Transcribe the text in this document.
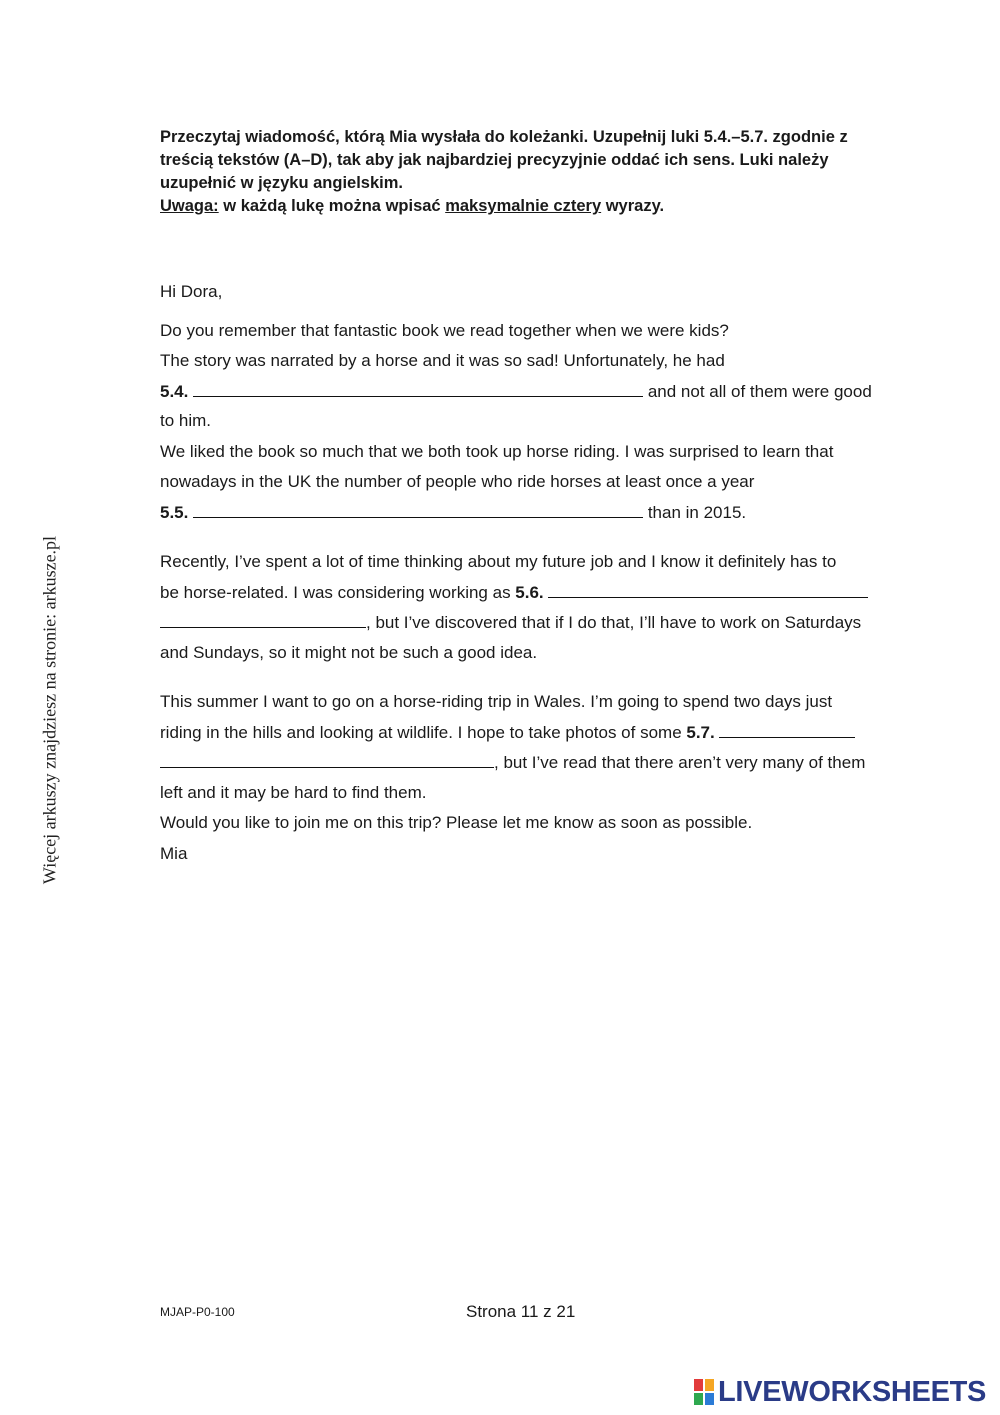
Przeczytaj wiadomość, którą Mia wysłała do koleżanki. Uzupełnij luki 5.4.–5.7. zgodnie z treścią tekstów (A–D), tak aby jak najbardziej precyzyjnie oddać ich sens. Luki należy uzupełnić w języku angielskim.

Uwaga: w każdą lukę można wpisać maksymalnie cztery wyrazy.

Hi Dora,
Do you remember that fantastic book we read together when we were kids?
The story was narrated by a horse and it was so sad! Unfortunately, he had
5.4.	and not all of them were good
to him.
We liked the book so much that we both took up horse riding. I was surprised to learn that
nowadays in the UK the number of people who ride horses at least once a year
5.5.	than in 2015.
Recently, I’ve spent a lot of time thinking about my future job and I know it definitely has to
be horse-related. I was considering working as 5.6.
, but I’ve discovered that if I do that, I’ll have to work on Saturdays
and Sundays, so it might not be such a good idea.
This summer I want to go on a horse-riding trip in Wales. I’m going to spend two days just
riding in the hills and looking at wildlife. I hope to take photos of some 5.7.
, but I’ve read that there aren’t very many of them
left and it may be hard to find them.
Would you like to join me on this trip? Please let me know as soon as possible.
Mia
Więcej arkuszy znajdziesz na stronie: arkusze.pl
MJAP-P0-100	Strona 11 z 21
LIVEWORKSHEETS
